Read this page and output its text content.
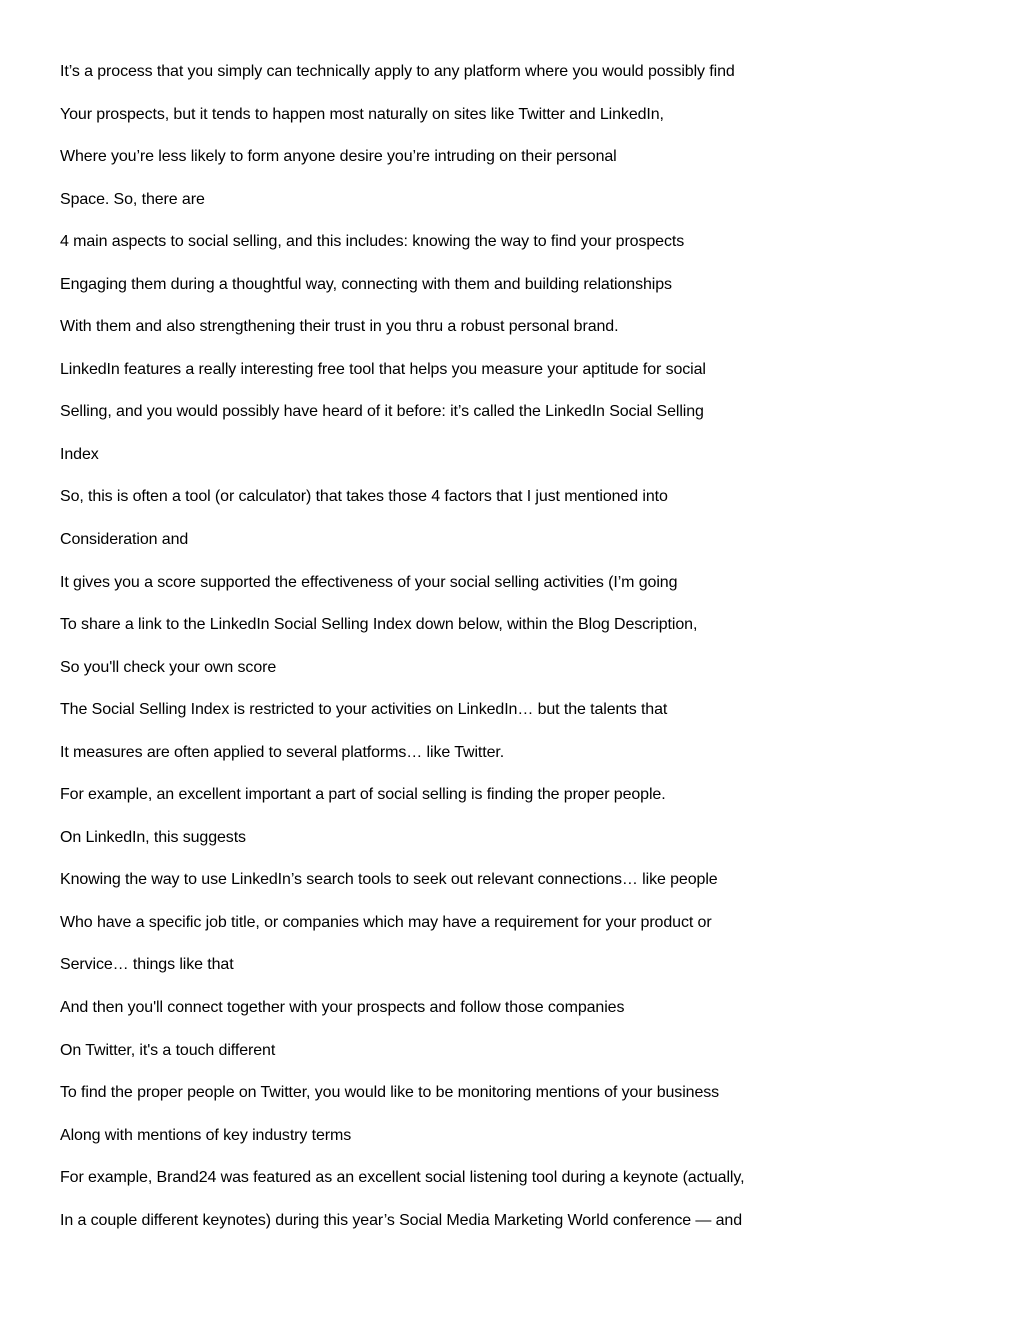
It’s a process that you simply can technically apply to any platform where you would possibly find
Your prospects, but it tends to happen most naturally on sites like Twitter and LinkedIn,
Where you’re less likely to form anyone desire you’re intruding on their personal
Space. So, there are
4 main aspects to social selling, and this includes: knowing the way to find your prospects
Engaging them during a thoughtful way, connecting with them and building relationships
With them and also strengthening their trust in you thru a robust personal brand.
LinkedIn features a really interesting free tool that helps you measure your aptitude for social
Selling, and you would possibly have heard of it before: it’s called the LinkedIn Social Selling
Index
So, this is often a tool (or calculator) that takes those 4 factors that I just mentioned into
Consideration and
It gives you a score supported the effectiveness of your social selling activities (I’m going
To share a link to the LinkedIn Social Selling Index down below, within the Blog Description,
So you'll check your own score
The Social Selling Index is restricted to your activities on LinkedIn… but the talents that
It measures are often applied to several platforms… like Twitter.
For example, an excellent important a part of social selling is finding the proper people.
On LinkedIn, this suggests
Knowing the way to use LinkedIn’s search tools to seek out relevant connections… like people
Who have a specific job title, or companies which may have a requirement for your product or
Service… things like that
And then you'll connect together with your prospects and follow those companies
On Twitter, it's a touch different
To find the proper people on Twitter, you would like to be monitoring mentions of your business
Along with mentions of key industry terms
For example, Brand24 was featured as an excellent social listening tool during a keynote (actually,
In a couple different keynotes) during this year’s Social Media Marketing World conference — and
